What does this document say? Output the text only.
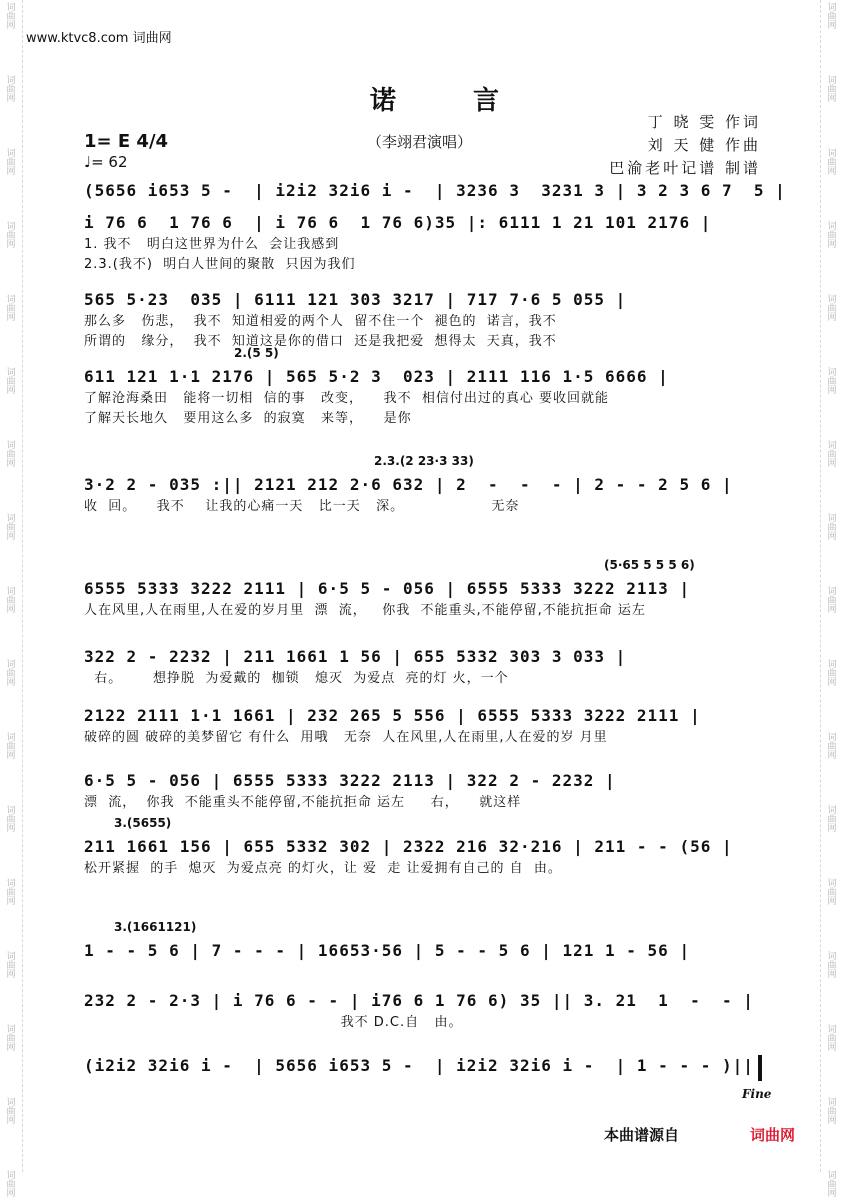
词
曲
网
词
曲
网
词
曲
网
词
曲
网
词
曲
网
词
曲
网
词
曲
网
词
曲
网
词
曲
网
词
曲
网
词
曲
网
词
曲
网
词
曲
网
词
曲
网
词
曲
网
词
曲
网
词
曲
网
词
曲
网
词
曲
网
词
曲
网
词
曲
网
词
曲
网
词
曲
网
词
曲
网
词
曲
网
词
曲
网
词
曲
网
词
曲
网
词
曲
网
词
曲
网
词
曲
网
词
曲
网
词
曲
网
词
曲
网
www.ktvc8.com 词曲网
诺 言
丁 晓 雯 作词
刘 天 健 作曲
巴渝老叶记谱 制谱
（李翊君演唱）
1= E 4/4
♩= 62
(5656 i653 5 -  | i2i2 32i6 i -  | 3236 3  3231 3 | 3 2 3 6 7  5 |
i 76 6  1 76 6  | i 76 6  1 76 6)35 |: 6111 1 21 101 2176 |
1. 我不   明白这世界为什么  会让我感到
2.3.(我不)  明白人世间的聚散  只因为我们
565 5·23  035 | 6111 121 303 3217 | 717 7·6 5 055 |
那么多   伤悲，  我不  知道相爱的两个人  留不住一个  褪色的  诺言，我不
所谓的   缘分，  我不  知道这是你的借口  还是我把爱  想得太  天真，我不
2.(5 5)
611 121 1·1 2176 | 565 5·2 3  023 | 2111 116 1·5 6666 |
了解沧海桑田   能将一切相  信的事   改变，    我不  相信付出过的真心 要收回就能
了解天长地久   要用这么多  的寂寞   来等，    是你
2.3.(2 23·3 33)
3·2 2 - 035 :|| 2121 212 2·6 632 | 2  -  -  - | 2 - - 2 5 6 |
收  回。    我不    让我的心痛一天   比一天   深。                 无奈
(5·65 5 5 5 6)
6555 5333 3222 2111 | 6·5 5 - 056 | 6555 5333 3222 2113 |
人在风里,人在雨里,人在爱的岁月里  漂  流，   你我  不能重头,不能停留,不能抗拒命 运左
322 2 - 2232 | 211 1661 1 56 | 655 5332 303 3 033 |
右。      想挣脱  为爱戴的  枷锁   熄灭  为爱点  亮的灯 火，一个
2122 2111 1·1 1661 | 232 265 5 556 | 6555 5333 3222 2111 |
破碎的圆 破碎的美梦留它 有什么  用哦   无奈  人在风里,人在雨里,人在爱的岁 月里
6·5 5 - 056 | 6555 5333 3222 2113 | 322 2 - 2232 |
漂  流，  你我  不能重头不能停留,不能抗拒命 运左     右，    就这样
3.(5655)
211 1661 156 | 655 5332 302 | 2322 216 32·216 | 211 - - (56 |
松开紧握  的手  熄灭  为爱点亮 的灯火，让 爱  走 让爱拥有自己的 自  由。
3.(1661121)
1 - - 5 6 | 7 - - - | 16653·56 | 5 - - 5 6 | 121 1 - 56 |
232 2 - 2·3 | i 76 6 - - | i76 6 1 76 6) 35 || 3. 21  1  -  - |
我不 D.C.自   由。
(i2i2 32i6 i -  | 5656 i653 5 -  | i2i2 32i6 i -  | 1 - - - )||
Fine
本曲谱源自	词曲网
